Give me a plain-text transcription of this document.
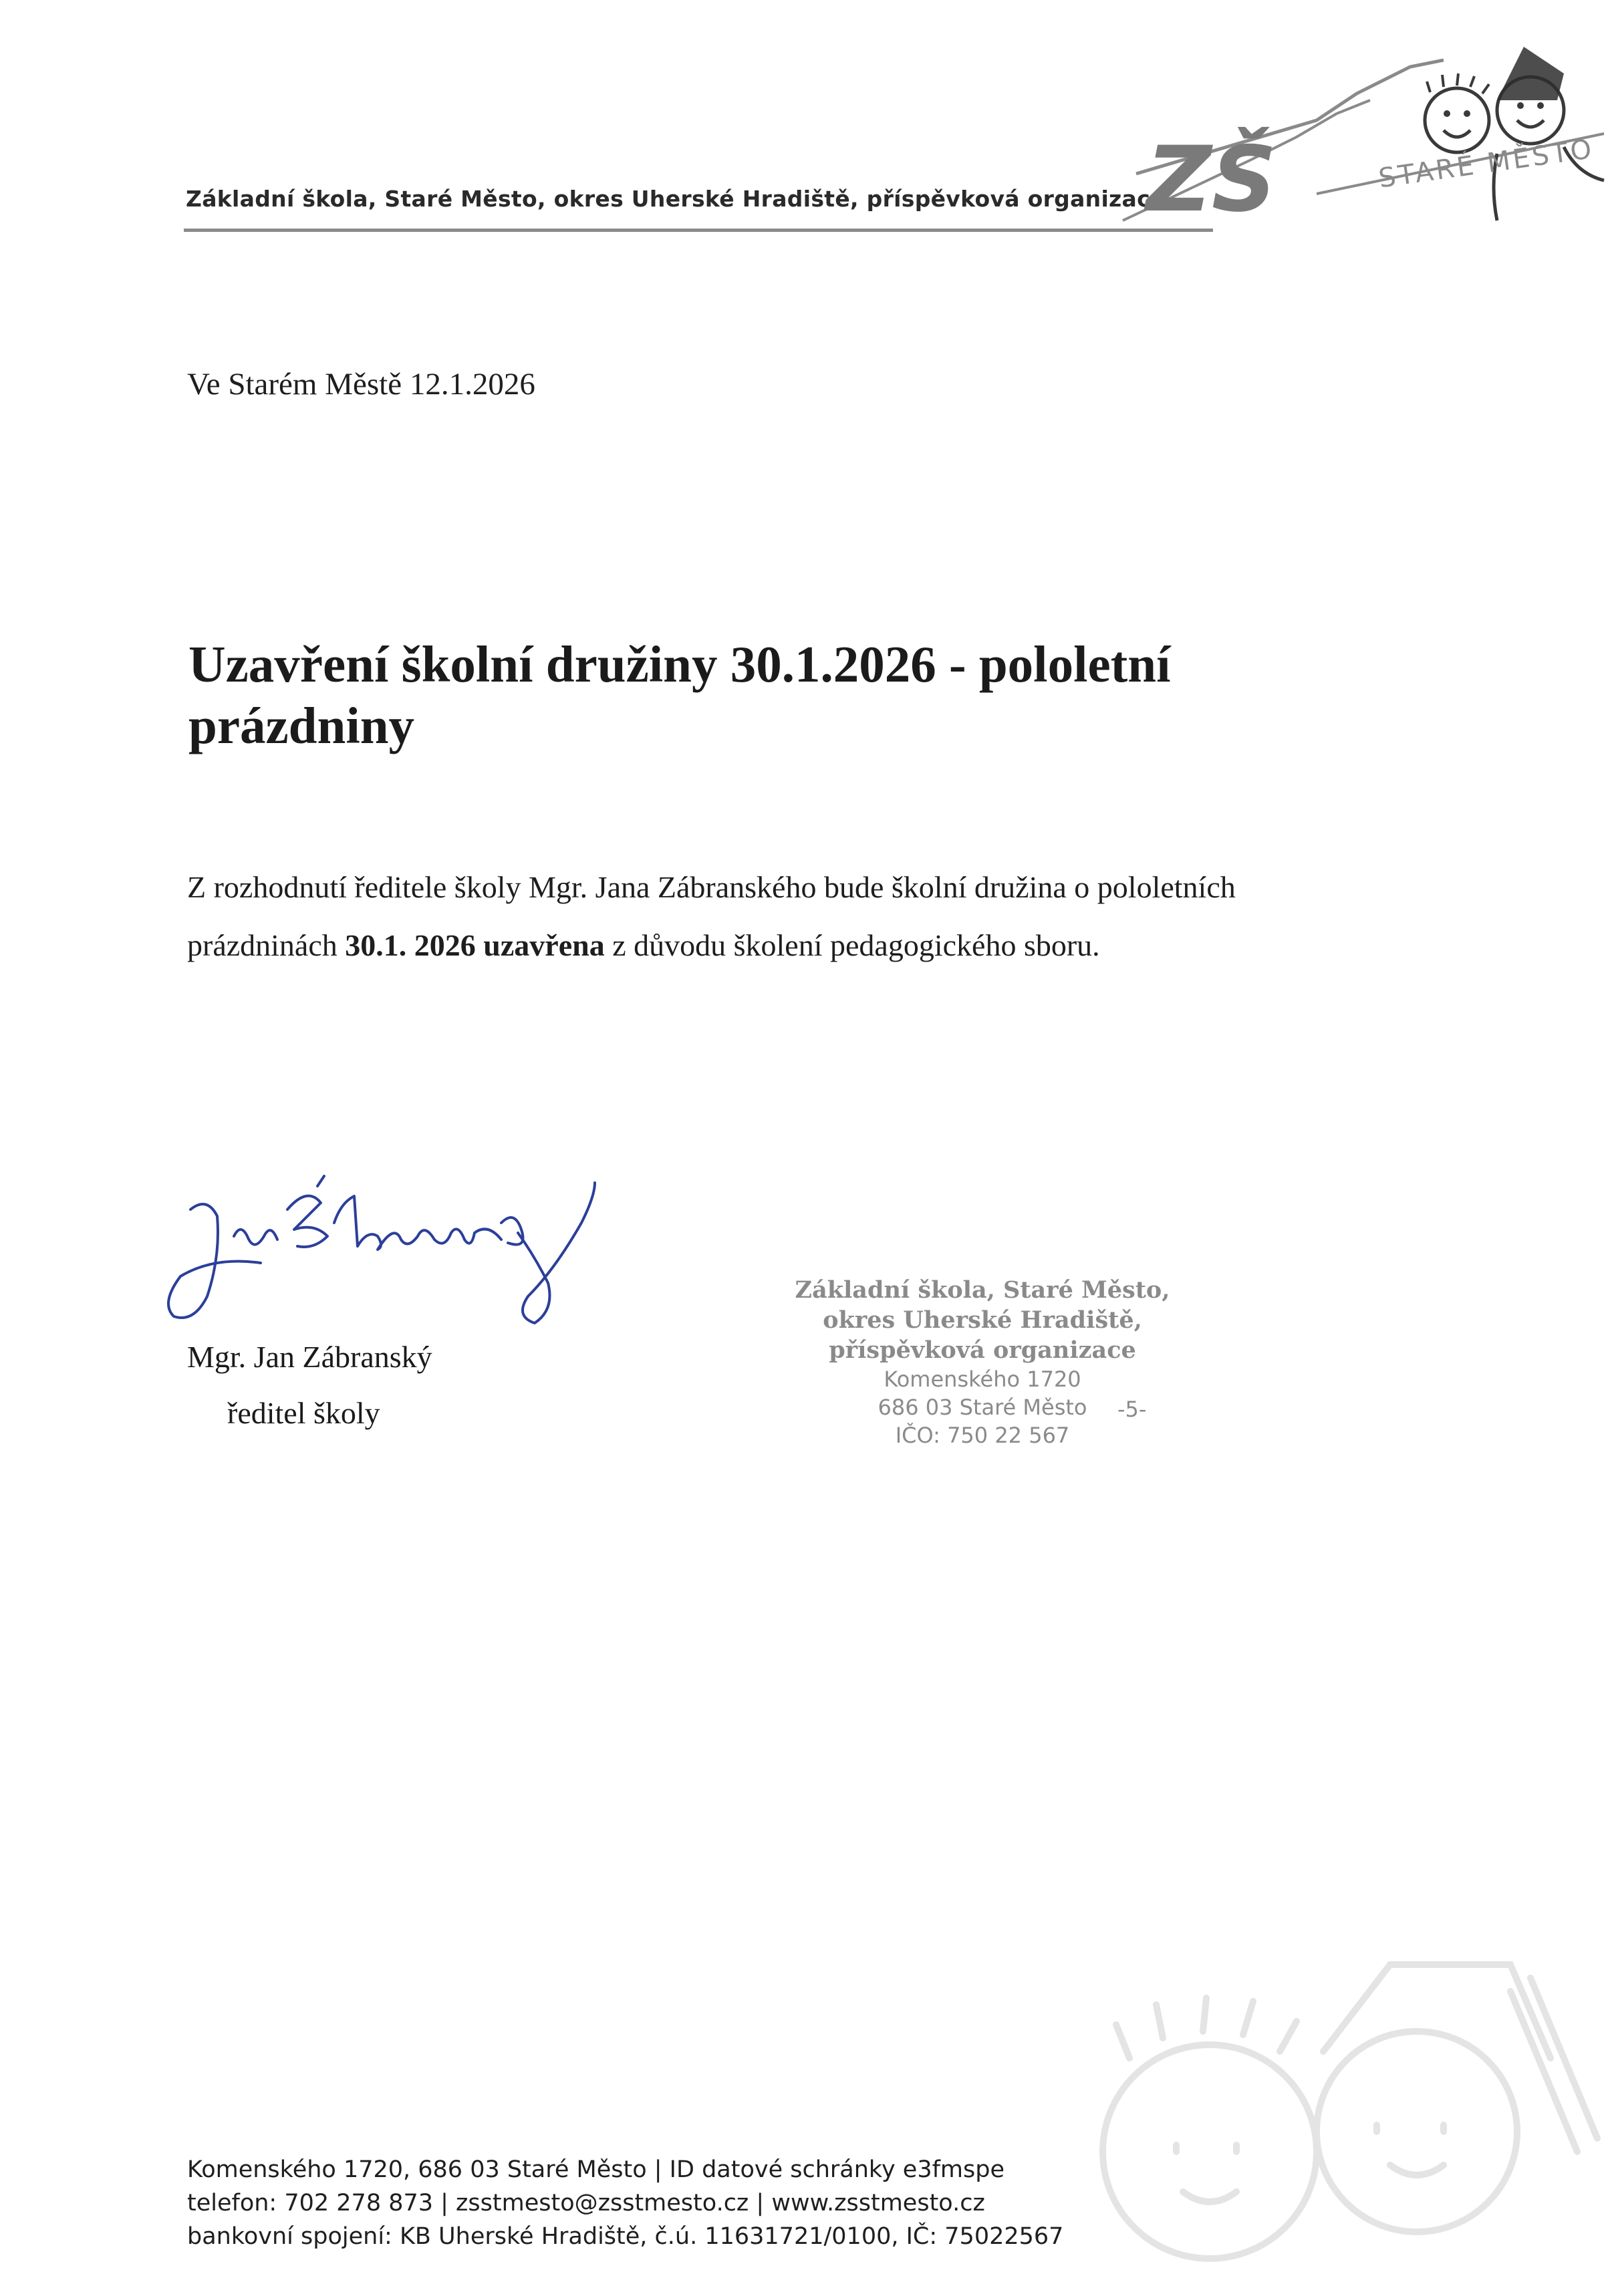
Základní škola, Staré Město, okres Uherské Hradiště, příspěvková organizace
ZŠ	STARÉ MĚSTO
Ve Starém Městě 12.1.2026
Uzavření školní družiny 30.1.2026 - pololetní prázdniny
Z rozhodnutí ředitele školy Mgr. Jana Zábranského bude školní družina o pololetních prázdninách 30.1. 2026 uzavřena z důvodu školení pedagogického sboru.
Mgr. Jan Zábranský
ředitel školy
Základní škola, Staré Město,
okres Uherské Hradiště,
příspěvková organizace
Komenského 1720
686 03 Staré Město
IČO: 750 22 567
-5-
Komenského 1720, 686 03 Staré Město | ID datové schránky e3fmspe
telefon: 702 278 873 | zsstmesto@zsstmesto.cz | www.zsstmesto.cz
bankovní spojení: KB Uherské Hradiště, č.ú. 11631721/0100, IČ: 75022567
